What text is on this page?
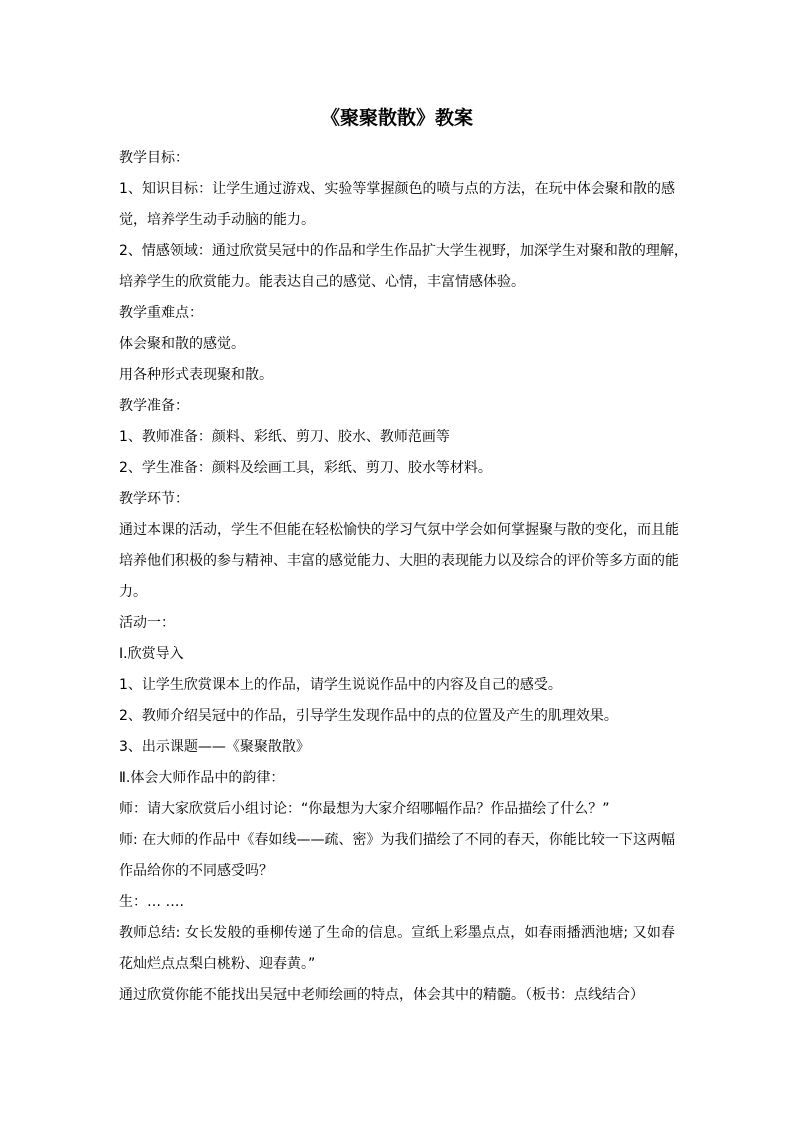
《聚聚散散》教案
教学目标：
1、知识目标：让学生通过游戏、实验等掌握颜色的喷与点的方法，在玩中体会聚和散的感
觉，培养学生动手动脑的能力。
2、情感领域：通过欣赏吴冠中的作品和学生作品扩大学生视野，加深学生对聚和散的理解，
培养学生的欣赏能力。能表达自己的感觉、心情，丰富情感体验。
教学重难点：
体会聚和散的感觉。
用各种形式表现聚和散。
教学准备：
1、教师准备：颜料、彩纸、剪刀、胶水、教师范画等
2、学生准备：颜料及绘画工具，彩纸、剪刀、胶水等材料。
教学环节：
通过本课的活动，学生不但能在轻松愉快的学习气氛中学会如何掌握聚与散的变化，而且能
培养他们积极的参与精神、丰富的感觉能力、大胆的表现能力以及综合的评价等多方面的能
力。
活动一：
Ⅰ.欣赏导入
1、让学生欣赏课本上的作品，请学生说说作品中的内容及自己的感受。
2、教师介绍吴冠中的作品，引导学生发现作品中的点的位置及产生的肌理效果。
3、出示课题——《聚聚散散》
Ⅱ.体会大师作品中的韵律：
师：请大家欣赏后小组讨论：“你最想为大家介绍哪幅作品？作品描绘了什么？”
师: 在大师的作品中《春如线——疏、密》为我们描绘了不同的春天，你能比较一下这两幅
作品给你的不同感受吗？
生：… ….
教师总结: 女长发般的垂柳传递了生命的信息。宣纸上彩墨点点，如春雨播洒池塘; 又如春
花灿烂点点梨白桃粉、迎春黄。”
通过欣赏你能不能找出吴冠中老师绘画的特点，体会其中的精髓。（板书：点线结合）
